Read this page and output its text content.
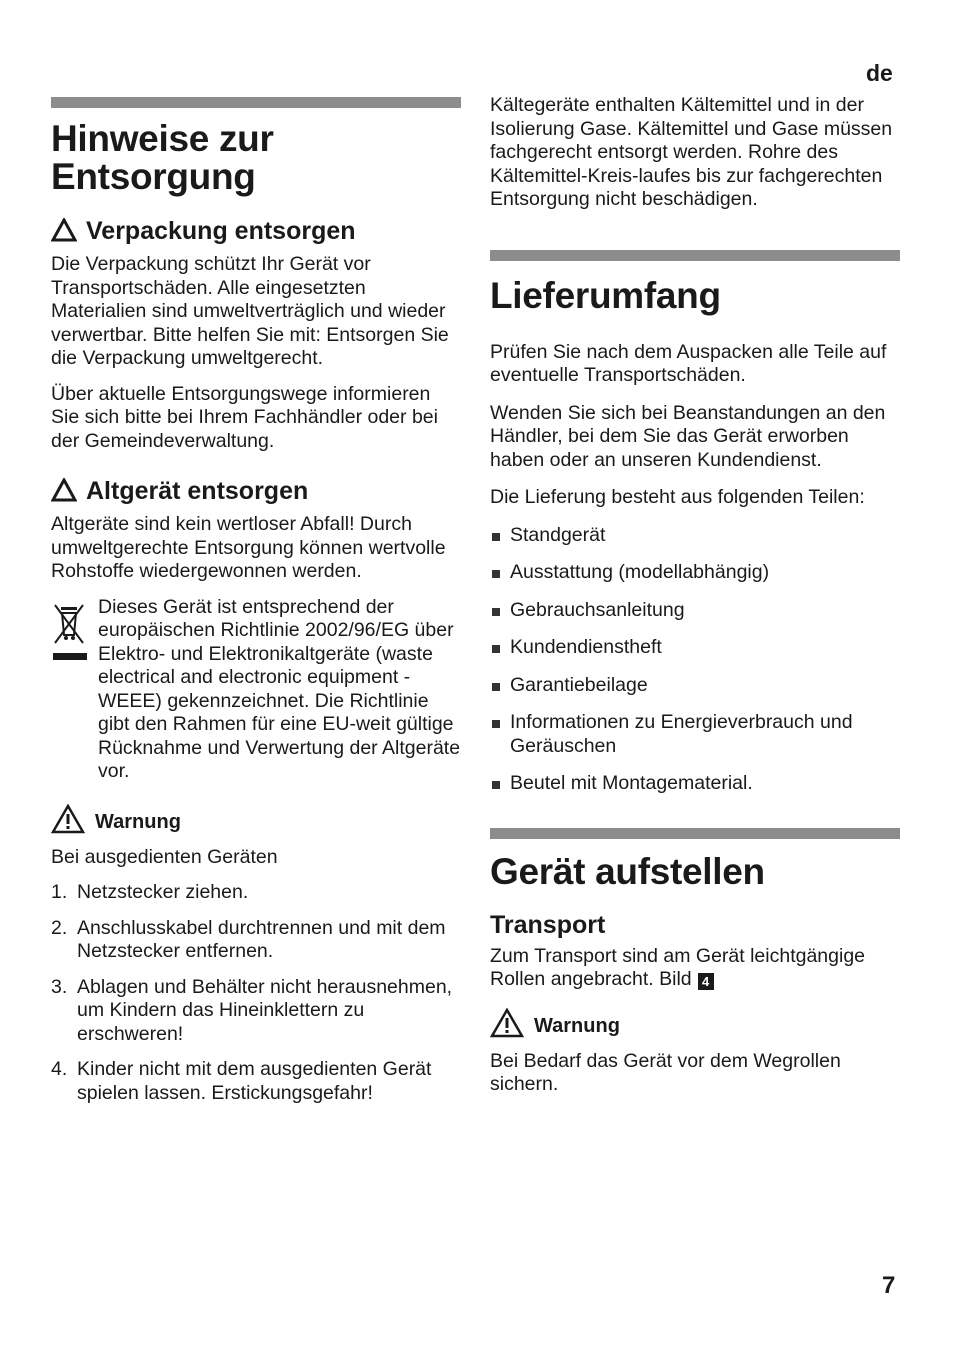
de
Hinweise zur Entsorgung
Verpackung entsorgen

Die Verpackung schützt Ihr Gerät vor Transportschäden. Alle eingesetzten Materialien sind umweltverträglich und wieder verwertbar. Bitte helfen Sie mit: Entsorgen Sie die Verpackung umweltgerecht.

Über aktuelle Entsorgungswege informieren Sie sich bitte bei Ihrem Fachhändler oder bei der Gemeindeverwaltung.

Altgerät entsorgen

Altgeräte sind kein wertloser Abfall! Durch umweltgerechte Entsorgung können wertvolle Rohstoffe wiedergewonnen werden.

Dieses Gerät ist entsprechend der europäischen Richtlinie 2002/96/EG über Elektro- und Elektronikaltgeräte (waste electrical and electronic equipment - WEEE) gekennzeichnet. Die Richtlinie gibt den Rahmen für eine EU-weit gültige Rücknahme und Verwertung der Altgeräte vor.

Warnung

Bei ausgedienten Geräten

1. Netzstecker ziehen.
2. Anschlusskabel durchtrennen und mit dem Netzstecker entfernen.
3. Ablagen und Behälter nicht herausnehmen, um Kindern das Hineinklettern zu erschweren!
4. Kinder nicht mit dem ausgedienten Gerät spielen lassen. Erstickungsgefahr!

Kältegeräte enthalten Kältemittel und in der Isolierung Gase. Kältemittel und Gase müssen fachgerecht entsorgt werden. Rohre des Kältemittel-Kreis-laufes bis zur fachgerechten Entsorgung nicht beschädigen.

Lieferumfang

Prüfen Sie nach dem Auspacken alle Teile auf eventuelle Transportschäden.

Wenden Sie sich bei Beanstandungen an den Händler, bei dem Sie das Gerät erworben haben oder an unseren Kundendienst.

Die Lieferung besteht aus folgenden Teilen:

Standgerät
Ausstattung (modellabhängig)
Gebrauchsanleitung
Kundendienstheft
Garantiebeilage
Informationen zu Energieverbrauch und Geräuschen
Beutel mit Montagematerial.
Gerät aufstellen
Transport

Zum Transport sind am Gerät leichtgängige Rollen angebracht. Bild 4

Warnung

Bei Bedarf das Gerät vor dem Wegrollen sichern.

7
